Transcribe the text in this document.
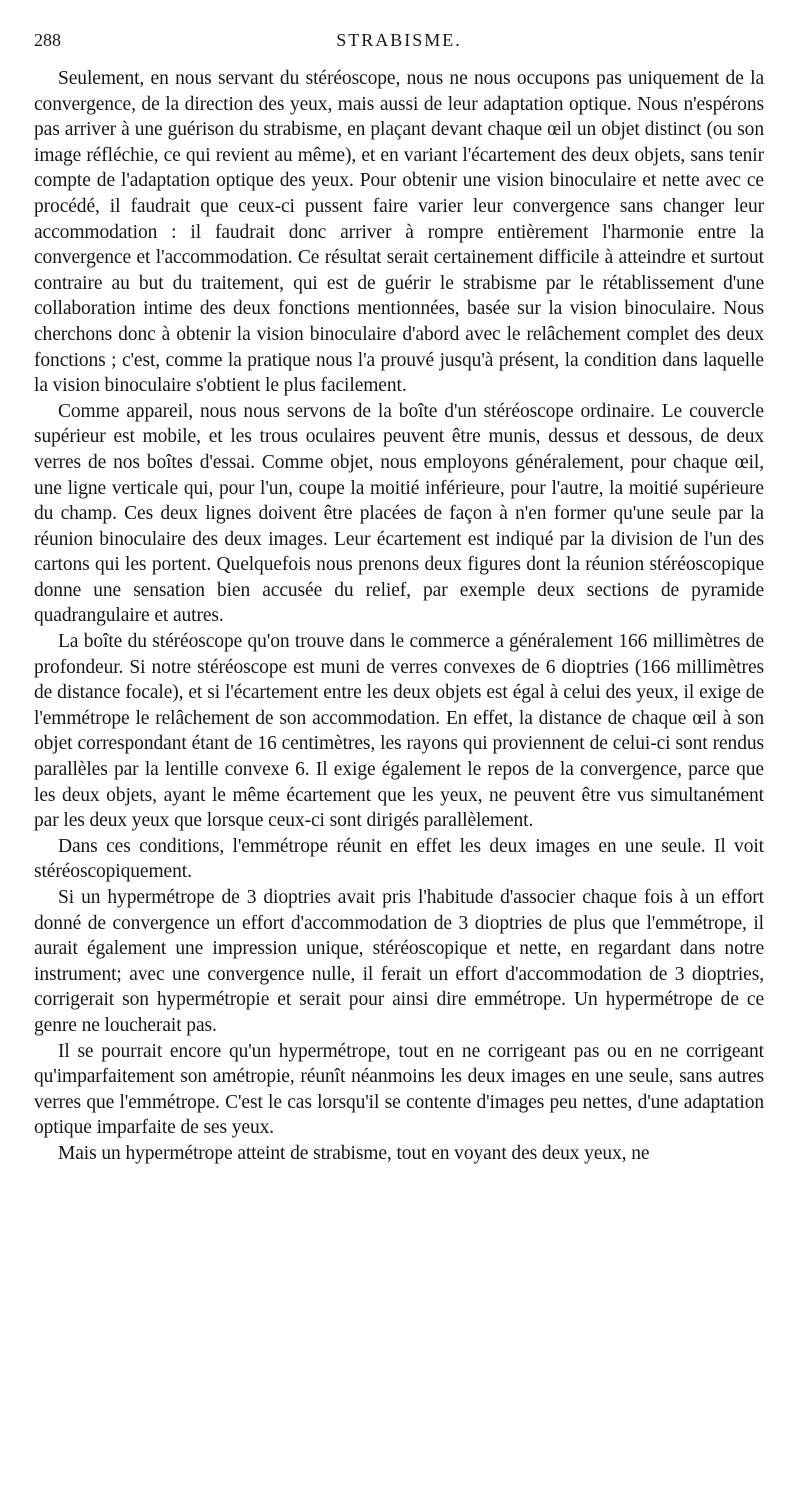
288	STRABISME.

Seulement, en nous servant du stéréoscope, nous ne nous occupons pas uniquement de la convergence, de la direction des yeux, mais aussi de leur adaptation optique. Nous n'espérons pas arriver à une guérison du strabisme, en plaçant devant chaque œil un objet distinct (ou son image réfléchie, ce qui revient au même), et en variant l'écartement des deux objets, sans tenir compte de l'adaptation optique des yeux. Pour obtenir une vision binoculaire et nette avec ce procédé, il faudrait que ceux-ci pussent faire varier leur convergence sans changer leur accommodation : il faudrait donc arriver à rompre entièrement l'harmonie entre la convergence et l'accommodation. Ce résultat serait certainement difficile à atteindre et surtout contraire au but du traitement, qui est de guérir le strabisme par le rétablissement d'une collaboration intime des deux fonctions mentionnées, basée sur la vision binoculaire. Nous cherchons donc à obtenir la vision binoculaire d'abord avec le relâchement complet des deux fonctions ; c'est, comme la pratique nous l'a prouvé jusqu'à présent, la condition dans laquelle la vision binoculaire s'obtient le plus facilement.

Comme appareil, nous nous servons de la boîte d'un stéréoscope ordinaire. Le couvercle supérieur est mobile, et les trous oculaires peuvent être munis, dessus et dessous, de deux verres de nos boîtes d'essai. Comme objet, nous employons généralement, pour chaque œil, une ligne verticale qui, pour l'un, coupe la moitié inférieure, pour l'autre, la moitié supérieure du champ. Ces deux lignes doivent être placées de façon à n'en former qu'une seule par la réunion binoculaire des deux images. Leur écartement est indiqué par la division de l'un des cartons qui les portent. Quelquefois nous prenons deux figures dont la réunion stéréoscopique donne une sensation bien accusée du relief, par exemple deux sections de pyramide quadrangulaire et autres.

La boîte du stéréoscope qu'on trouve dans le commerce a généralement 166 millimètres de profondeur. Si notre stéréoscope est muni de verres convexes de 6 dioptries (166 millimètres de distance focale), et si l'écartement entre les deux objets est égal à celui des yeux, il exige de l'emmétrope le relâchement de son accommodation. En effet, la distance de chaque œil à son objet correspondant étant de 16 centimètres, les rayons qui proviennent de celui-ci sont rendus parallèles par la lentille convexe 6. Il exige également le repos de la convergence, parce que les deux objets, ayant le même écartement que les yeux, ne peuvent être vus simultanément par les deux yeux que lorsque ceux-ci sont dirigés parallèlement.

Dans ces conditions, l'emmétrope réunit en effet les deux images en une seule. Il voit stéréoscopiquement.

Si un hypermétrope de 3 dioptries avait pris l'habitude d'associer chaque fois à un effort donné de convergence un effort d'accommodation de 3 dioptries de plus que l'emmétrope, il aurait également une impression unique, stéréoscopique et nette, en regardant dans notre instrument; avec une convergence nulle, il ferait un effort d'accommodation de 3 dioptries, corrigerait son hypermétropie et serait pour ainsi dire emmétrope. Un hypermétrope de ce genre ne loucherait pas.

Il se pourrait encore qu'un hypermétrope, tout en ne corrigeant pas ou en ne corrigeant qu'imparfaitement son amétropie, réunît néanmoins les deux images en une seule, sans autres verres que l'emmétrope. C'est le cas lorsqu'il se contente d'images peu nettes, d'une adaptation optique imparfaite de ses yeux.

Mais un hypermétrope atteint de strabisme, tout en voyant des deux yeux, ne
